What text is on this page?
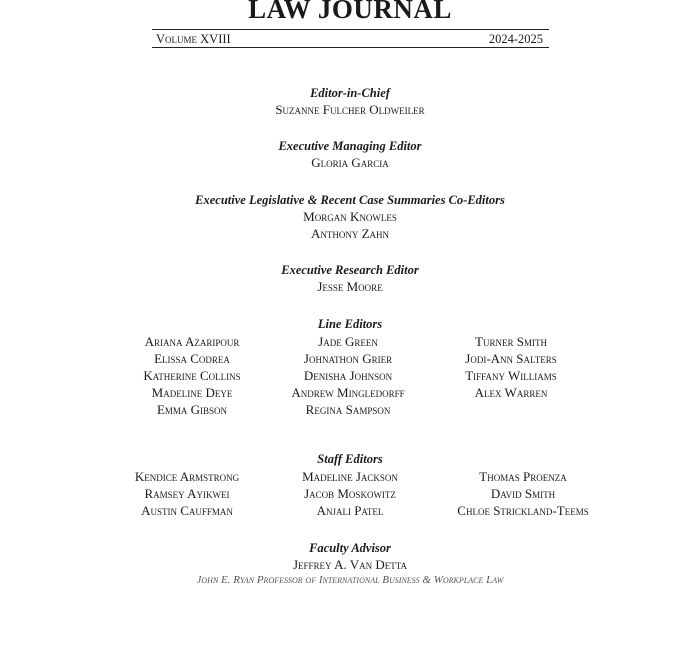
LAW JOURNAL
Volume XVIII	2024-2025
Editor-in-Chief
Suzanne Fulcher Oldweiler
Executive Managing Editor
Gloria Garcia
Executive Legislative & Recent Case Summaries Co-Editors
Morgan Knowles
Anthony Zahn
Executive Research Editor
Jesse Moore
Line Editors
Ariana Azaripour
Elissa Codrea
Katherine Collins
Madeline Deye
Emma Gibson
Jade Green
Johnathon Grier
Denisha Johnson
Andrew Mingledorff
Regina Sampson
Turner Smith
Jodi-Ann Salters
Tiffany Williams
Alex Warren
Staff Editors
Kendice Armstrong
Ramsey Ayikwei
Austin Cauffman
Madeline Jackson
Jacob Moskowitz
Anjali Patel
Thomas Proenza
David Smith
Chloe Strickland-Teems
Faculty Advisor
Jeffrey A. Van Detta
John E. Ryan Professor of International Business & Workplace Law
